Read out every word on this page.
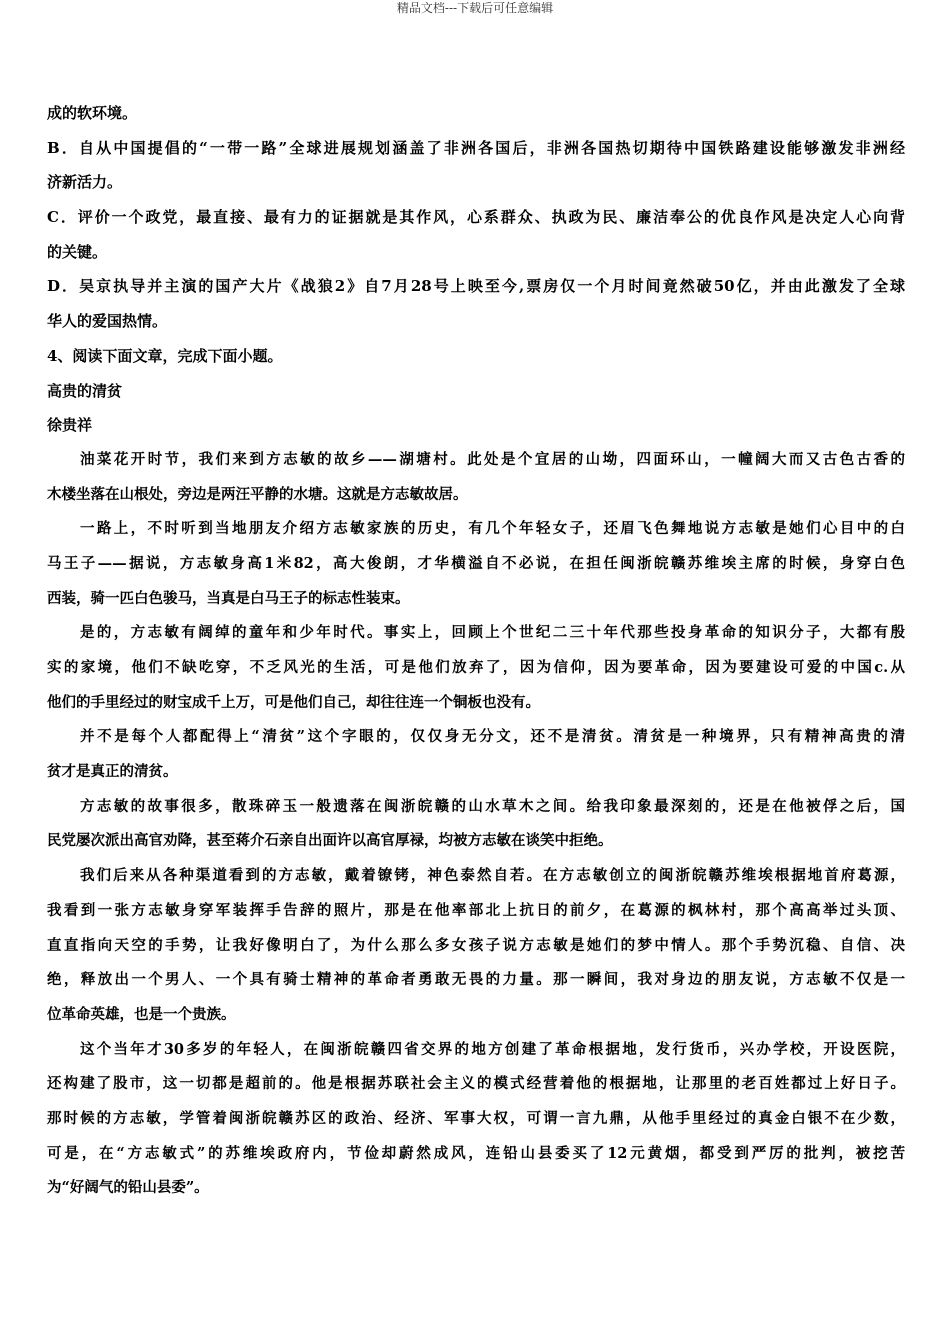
精品文档---下载后可任意编辑
成的软环境。
B．自从中国提倡的“一带一路”全球进展规划涵盖了非洲各国后，非洲各国热切期待中国铁路建设能够激发非洲经
济新活力。
C．评价一个政党，最直接、最有力的证据就是其作风，心系群众、执政为民、廉洁奉公的优良作风是决定人心向背
的关键。
D．吴京执导并主演的国产大片《战狼2》自7月28号上映至今,票房仅一个月时间竟然破50亿，并由此激发了全球
华人的爱国热情。
4、阅读下面文章，完成下面小题。
高贵的清贫
徐贵祥
油菜花开时节，我们来到方志敏的故乡——湖塘村。此处是个宜居的山坳，四面环山，一幢阔大而又古色古香的
木楼坐落在山根处，旁边是两汪平静的水塘。这就是方志敏故居。
一路上，不时听到当地朋友介绍方志敏家族的历史，有几个年轻女子，还眉飞色舞地说方志敏是她们心目中的白
马王子——据说，方志敏身高1米82，高大俊朗，才华横溢自不必说，在担任闽浙皖赣苏维埃主席的时候，身穿白色
西装，骑一匹白色骏马，当真是白马王子的标志性装束。
是的，方志敏有阔绰的童年和少年时代。事实上，回顾上个世纪二三十年代那些投身革命的知识分子，大都有殷
实的家境，他们不缺吃穿，不乏风光的生活，可是他们放弃了，因为信仰，因为要革命，因为要建设可爱的中国c.从
他们的手里经过的财宝成千上万，可是他们自己，却往往连一个铜板也没有。
并不是每个人都配得上“清贫”这个字眼的，仅仅身无分文，还不是清贫。清贫是一种境界，只有精神高贵的清
贫才是真正的清贫。
方志敏的故事很多，散珠碎玉一般遗落在闽浙皖赣的山水草木之间。给我印象最深刻的，还是在他被俘之后，国
民党屡次派出高官劝降，甚至蒋介石亲自出面许以高官厚禄，均被方志敏在谈笑中拒绝。
我们后来从各种渠道看到的方志敏，戴着镣铐，神色泰然自若。在方志敏创立的闽浙皖赣苏维埃根据地首府葛源，
我看到一张方志敏身穿军装挥手告辞的照片，那是在他率部北上抗日的前夕，在葛源的枫林村，那个高高举过头顶、
直直指向天空的手势，让我好像明白了，为什么那么多女孩子说方志敏是她们的梦中情人。那个手势沉稳、自信、决
绝，释放出一个男人、一个具有骑士精神的革命者勇敢无畏的力量。那一瞬间，我对身边的朋友说，方志敏不仅是一
位革命英雄，也是一个贵族。
这个当年才30多岁的年轻人，在闽浙皖赣四省交界的地方创建了革命根据地，发行货币，兴办学校，开设医院，
还构建了股市，这一切都是超前的。他是根据苏联社会主义的模式经营着他的根据地，让那里的老百姓都过上好日子。
那时候的方志敏，学管着闽浙皖赣苏区的政治、经济、军事大权，可谓一言九鼎，从他手里经过的真金白银不在少数，
可是，在“方志敏式”的苏维埃政府内，节俭却蔚然成风，连铅山县委买了12元黄烟，都受到严厉的批判，被挖苦
为“好阔气的铅山县委”。
